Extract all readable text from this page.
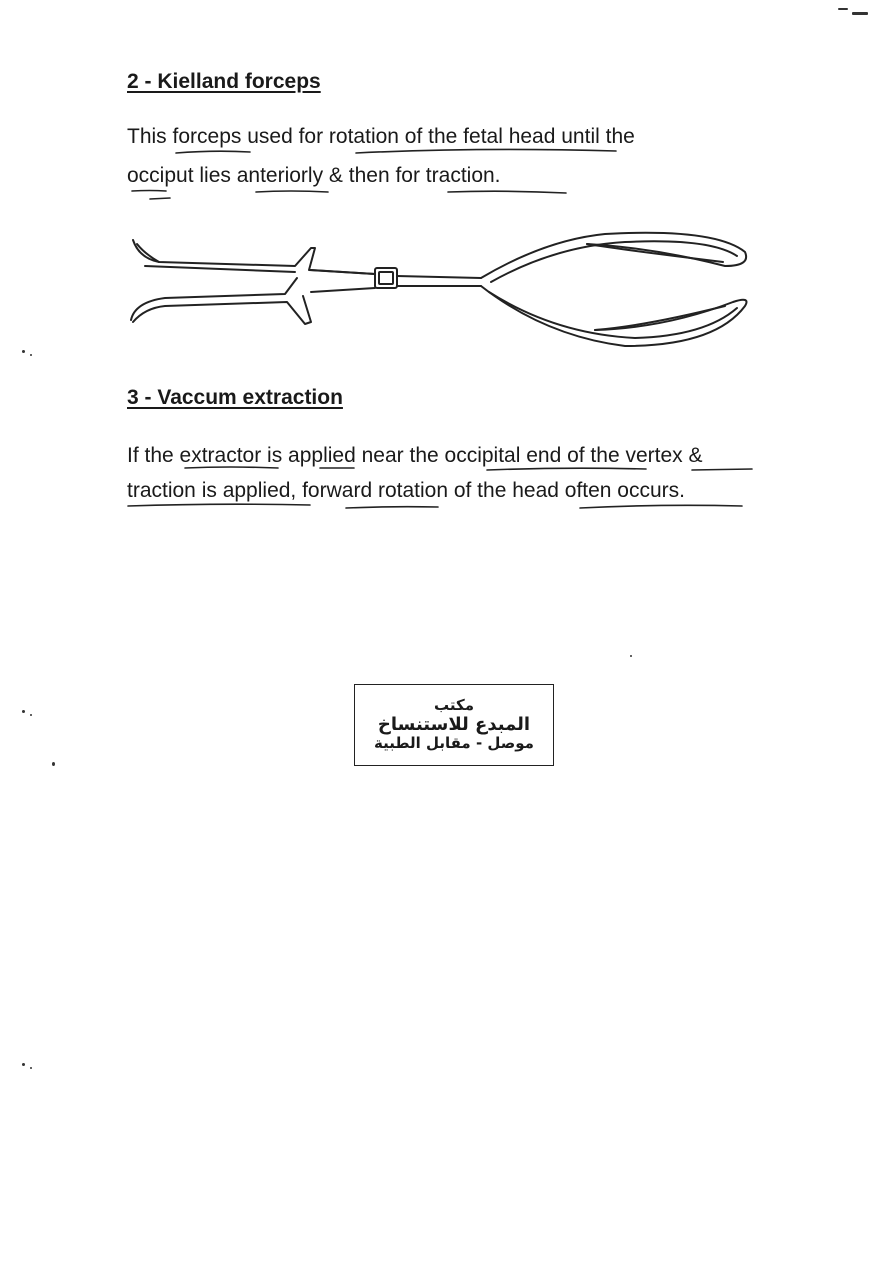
2 - Kielland forceps

This forceps used for rotation of the fetal head until the

occiput lies anteriorly & then for traction.

3 - Vaccum extraction

If the extractor is applied near the occipital end of the vertex &

traction is applied, forward rotation of the head often occurs.

مكتب
المبدع للاستنساخ
موصل - مقابل الطبية
